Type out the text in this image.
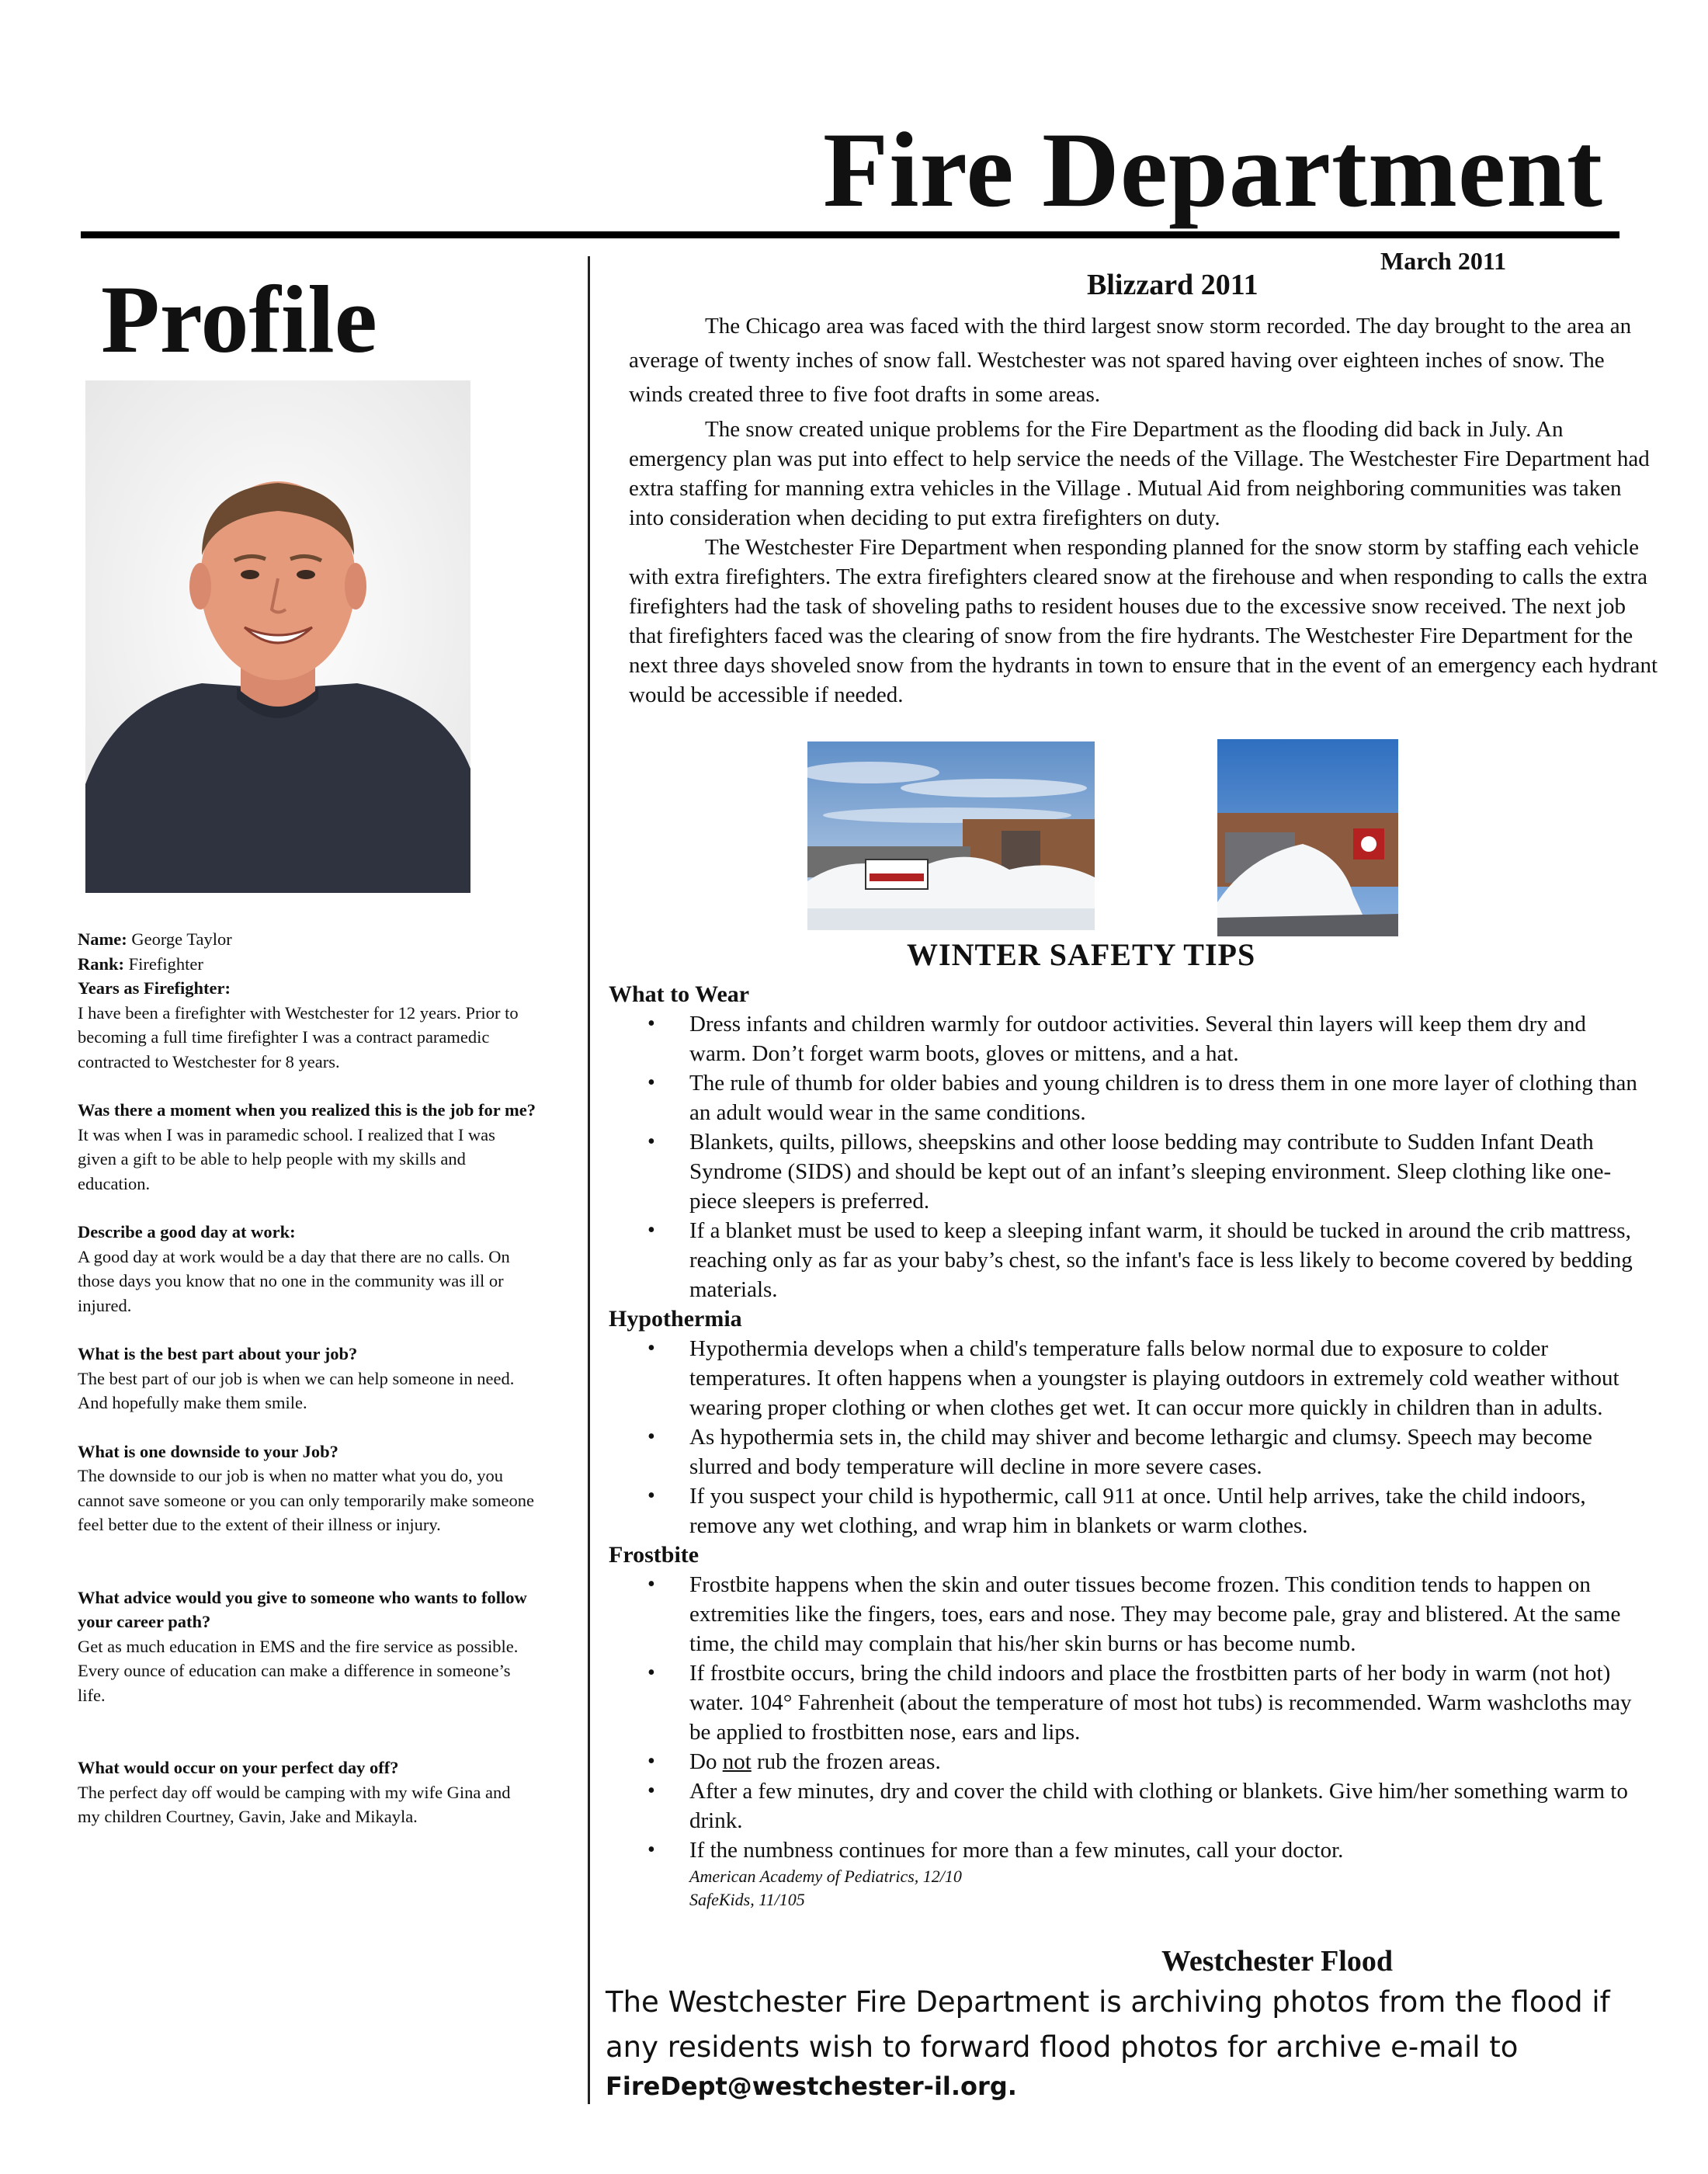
Fire Department
March 2011
Profile
Name: George Taylor
Rank: Firefighter
Years as Firefighter:
I have been a firefighter with Westchester for 12 years. Prior to becoming a full time firefighter I was a contract paramedic contracted to Westchester for 8 years.
Was there a moment when you realized this is the job for me?
It was when I was in paramedic school. I realized that I was given a gift to be able to help people with my skills and education.
Describe a good day at work:
A good day at work would be a day that there are no calls. On those days you know that no one in the community was ill or injured.
What is the best part about your job?
The best part of our job is when we can help someone in need. And hopefully make them smile.
What is one downside to your Job?
The downside to our job is when no matter what you do, you cannot save someone or you can only temporarily make someone feel better due to the extent of their illness or injury.
What advice would you give to someone who wants to follow your career path?
Get as much education in EMS and the fire service as possible. Every ounce of education can make a difference in someone’s life.
What would occur on your perfect day off?
The perfect day off would be camping with my wife Gina and my children Courtney, Gavin, Jake and Mikayla.
Blizzard 2011

The Chicago area was faced with the third largest snow storm recorded. The day brought to the area an average of twenty inches of snow fall. Westchester was not spared having over eighteen inches of snow. The winds created three to five foot drafts in some areas.

The snow created unique problems for the Fire Department as the flooding did back in July. An emergency plan was put into effect to help service the needs of the Village. The Westchester Fire Department had extra staffing for manning extra vehicles in the Village . Mutual Aid from neighboring communities was taken into consideration when deciding to put extra firefighters on duty.

The Westchester Fire Department when responding planned for the snow storm by staffing each vehicle with extra firefighters. The extra firefighters cleared snow at the firehouse and when responding to calls the extra firefighters had the task of shoveling paths to resident houses due to the excessive snow received. The next job that firefighters faced was the clearing of snow from the fire hydrants. The Westchester Fire Department for the next three days shoveled snow from the hydrants in town to ensure that in the event of an emergency each hydrant would be accessible if needed.

WINTER SAFETY TIPS
What to Wear
• Dress infants and children warmly for outdoor activities. Several thin layers will keep them dry and warm. Don’t forget warm boots, gloves or mittens, and a hat.
• The rule of thumb for older babies and young children is to dress them in one more layer of clothing than an adult would wear in the same conditions.
• Blankets, quilts, pillows, sheepskins and other loose bedding may contribute to Sudden Infant Death Syndrome (SIDS) and should be kept out of an infant’s sleeping environment. Sleep clothing like one-piece sleepers is preferred.
• If a blanket must be used to keep a sleeping infant warm, it should be tucked in around the crib mattress, reaching only as far as your baby’s chest, so the infant's face is less likely to become covered by bedding materials.
Hypothermia
• Hypothermia develops when a child's temperature falls below normal due to exposure to colder temperatures. It often happens when a youngster is playing outdoors in extremely cold weather without wearing proper clothing or when clothes get wet. It can occur more quickly in children than in adults.
• As hypothermia sets in, the child may shiver and become lethargic and clumsy. Speech may become slurred and body temperature will decline in more severe cases.
• If you suspect your child is hypothermic, call 911 at once. Until help arrives, take the child indoors, remove any wet clothing, and wrap him in blankets or warm clothes.
Frostbite
• Frostbite happens when the skin and outer tissues become frozen. This condition tends to happen on extremities like the fingers, toes, ears and nose. They may become pale, gray and blistered. At the same time, the child may complain that his/her skin burns or has become numb.
• If frostbite occurs, bring the child indoors and place the frostbitten parts of her body in warm (not hot) water. 104° Fahrenheit (about the temperature of most hot tubs) is recommended. Warm washcloths may be applied to frostbitten nose, ears and lips.
• Do not rub the frozen areas.
• After a few minutes, dry and cover the child with clothing or blankets. Give him/her something warm to drink.
• If the numbness continues for more than a few minutes, call your doctor.
American Academy of Pediatrics, 12/10
SafeKids, 11/105
Westchester Flood
The Westchester Fire Department is archiving photos from the flood if any residents wish to forward flood photos for archive e-mail to
FireDept@westchester-il.org.
